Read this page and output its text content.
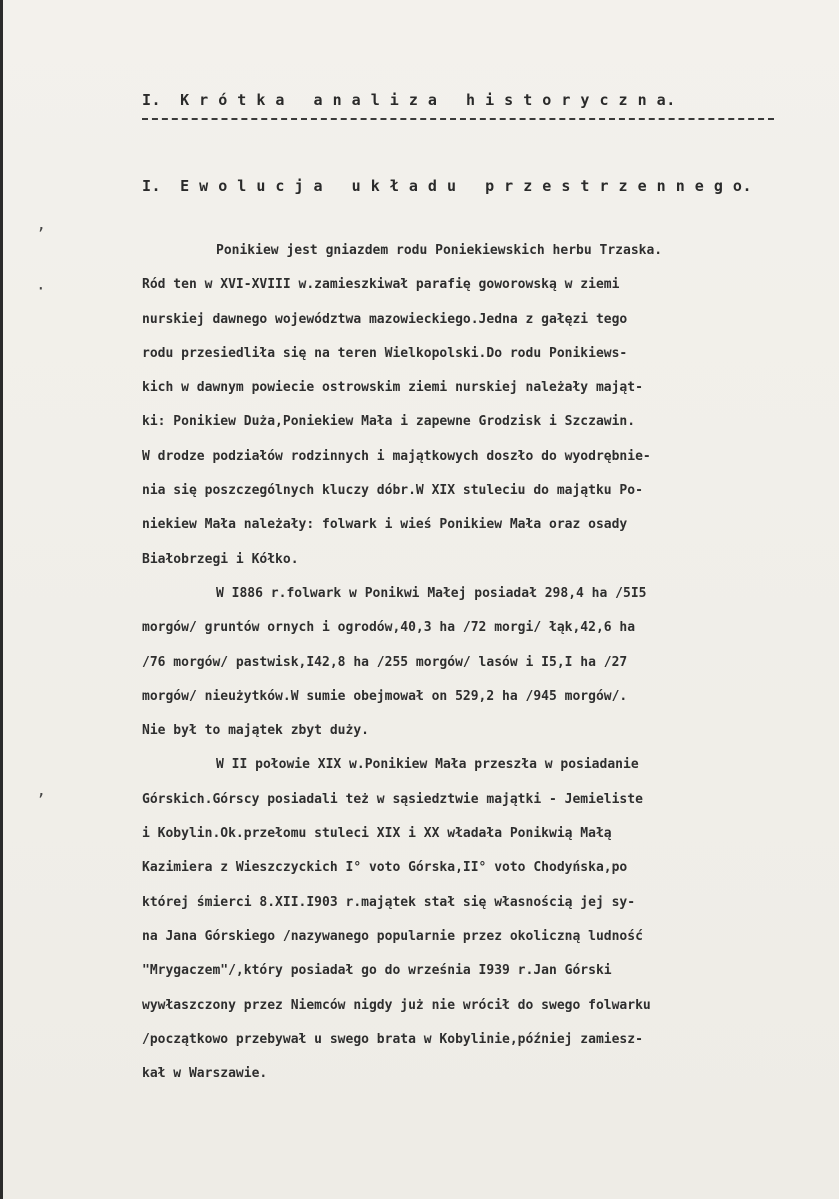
’
·
’
I.  K r ó t k a   a n a l i z a   h i s t o r y c z n a.
I.  E w o l u c j a   u k ł a d u   p r z e s t r z e n n e g o.
Ponikiew jest gniazdem rodu Poniekiewskich herbu Trzaska.
Ród ten w XVI-XVIII w.zamieszkiwał parafię goworowską w ziemi
nurskiej dawnego województwa mazowieckiego.Jedna z gałęzi tego
rodu przesiedliła się na teren Wielkopolski.Do rodu Ponikiews-
kich w dawnym powiecie ostrowskim ziemi nurskiej należały mająt-
ki: Ponikiew Duża,Poniekiew Mała i zapewne Grodzisk i Szczawin.
W drodze podziałów rodzinnych i majątkowych doszło do wyodrębnie-
nia się poszczególnych kluczy dóbr.W XIX stuleciu do majątku Po-
niekiew Mała należały: folwark i wieś Ponikiew Mała oraz osady
Białobrzegi i Kółko.
W I886 r.folwark w Ponikwi Małej posiadał 298,4 ha /5I5
morgów/ gruntów ornych i ogrodów,40,3 ha /72 morgi/ łąk,42,6 ha
/76 morgów/ pastwisk,I42,8 ha /255 morgów/ lasów i I5,I ha /27
morgów/ nieużytków.W sumie obejmował on 529,2 ha /945 morgów/.
Nie był to majątek zbyt duży.
W II połowie XIX w.Ponikiew Mała przeszła w posiadanie
Górskich.Górscy posiadali też w sąsiedztwie majątki - Jemieliste
i Kobylin.Ok.przełomu stuleci XIX i XX władała Ponikwią Małą
Kazimiera z Wieszczyckich I° voto Górska,II° voto Chodyńska,po
której śmierci 8.XII.I903 r.majątek stał się własnością jej sy-
na Jana Górskiego /nazywanego popularnie przez okoliczną ludność
"Mrygaczem"/,który posiadał go do września I939 r.Jan Górski
wywłaszczony przez Niemców nigdy już nie wrócił do swego folwarku
/początkowo przebywał u swego brata w Kobylinie,później zamiesz-
kał w Warszawie.
